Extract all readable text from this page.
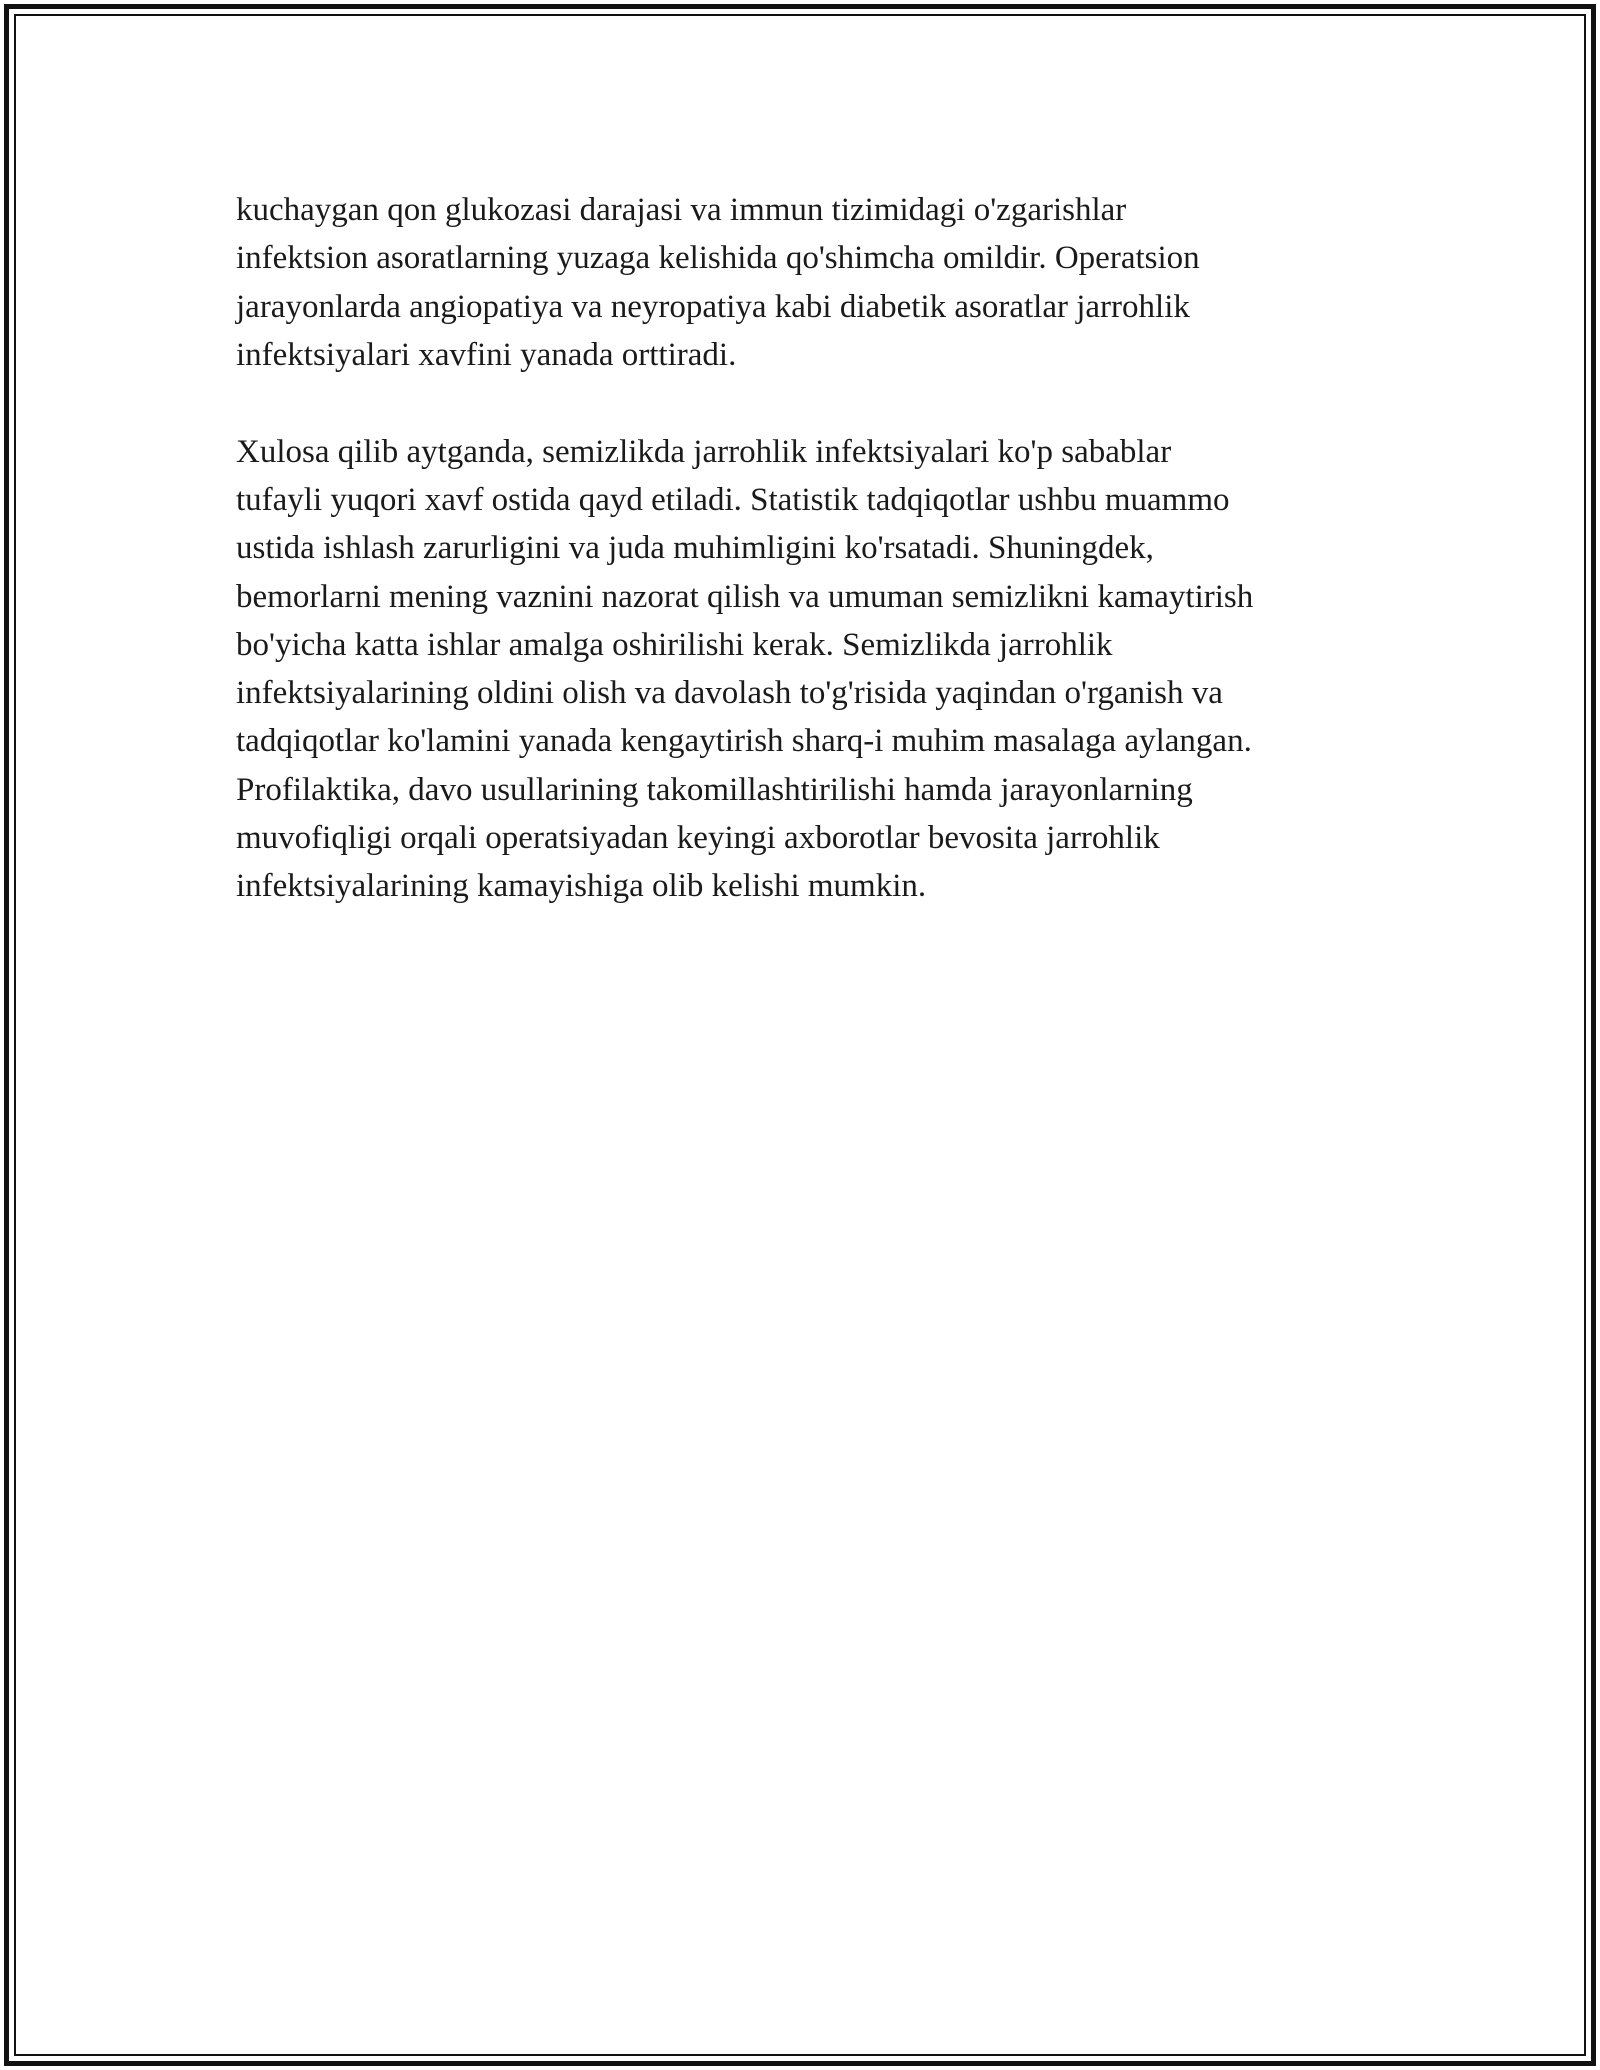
kuchaygan qon glukozasi darajasi va immun tizimidagi o'zgarishlar
infektsion asoratlarning yuzaga kelishida qo'shimcha omildir. Operatsion
jarayonlarda angiopatiya va neyropatiya kabi diabetik asoratlar jarrohlik
infektsiyalari xavfini yanada orttiradi.
Xulosa qilib aytganda, semizlikda jarrohlik infektsiyalari ko'p sabablar
tufayli yuqori xavf ostida qayd etiladi. Statistik tadqiqotlar ushbu muammo
ustida ishlash zarurligini va juda muhimligini ko'rsatadi. Shuningdek,
bemorlarni mening vaznini nazorat qilish va umuman semizlikni kamaytirish
bo'yicha katta ishlar amalga oshirilishi kerak. Semizlikda jarrohlik
infektsiyalarining oldini olish va davolash to'g'risida yaqindan o'rganish va
tadqiqotlar ko'lamini yanada kengaytirish sharq-i muhim masalaga aylangan.
Profilaktika, davo usullarining takomillashtirilishi hamda jarayonlarning
muvofiqligi orqali operatsiyadan keyingi axborotlar bevosita jarrohlik
infektsiyalarining kamayishiga olib kelishi mumkin.
